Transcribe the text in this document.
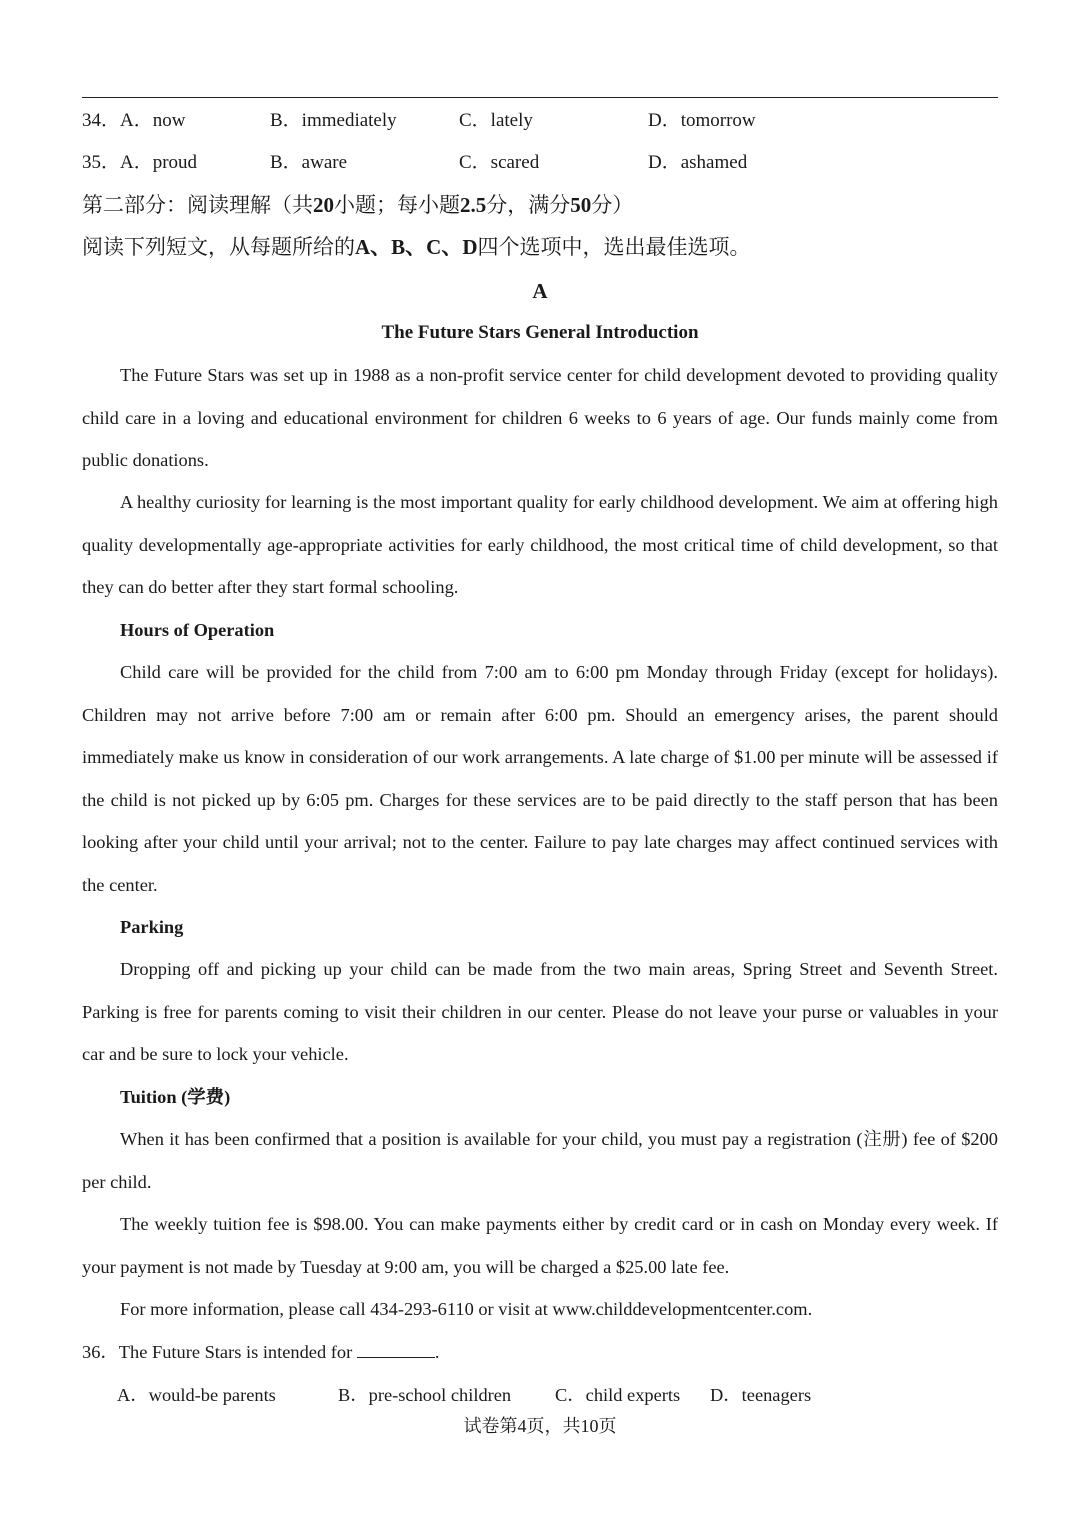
34． A．now	B．immediately	C．lately	D．tomorrow
35． A．proud	B．aware	C．scared	D．ashamed
第二部分：阅读理解（共20小题；每小题2.5分，满分50分）
阅读下列短文，从每题所给的A、B、C、D四个选项中，选出最佳选项。
A
The Future Stars General Introduction

The Future Stars was set up in 1988 as a non-profit service center for child development devoted to providing quality child care in a loving and educational environment for children 6 weeks to 6 years of age. Our funds mainly come from public donations.

A healthy curiosity for learning is the most important quality for early childhood development. We aim at offering high quality developmentally age-appropriate activities for early childhood, the most critical time of child development, so that they can do better after they start formal schooling.

Hours of Operation

Child care will be provided for the child from 7:00 am to 6:00 pm Monday through Friday (except for holidays). Children may not arrive before 7:00 am or remain after 6:00 pm. Should an emergency arises, the parent should immediately make us know in consideration of our work arrangements. A late charge of $1.00 per minute will be assessed if the child is not picked up by 6:05 pm. Charges for these services are to be paid directly to the staff person that has been looking after your child until your arrival; not to the center. Failure to pay late charges may affect continued services with the center.

Parking

Dropping off and picking up your child can be made from the two main areas, Spring Street and Seventh Street. Parking is free for parents coming to visit their children in our center. Please do not leave your purse or valuables in your car and be sure to lock your vehicle.

Tuition (学费)

When it has been confirmed that a position is available for your child, you must pay a registration (注册) fee of $200 per child.

The weekly tuition fee is $98.00. You can make payments either by credit card or in cash on Monday every week. If your payment is not made by Tuesday at 9:00 am, you will be charged a $25.00 late fee.

For more information, please call 434-293-6110 or visit at www.childdevelopmentcenter.com.

36．The Future Stars is intended for	.
A．would-be parents	B．pre-school children C．child experts D．teenagers
试卷第4页，共10页
